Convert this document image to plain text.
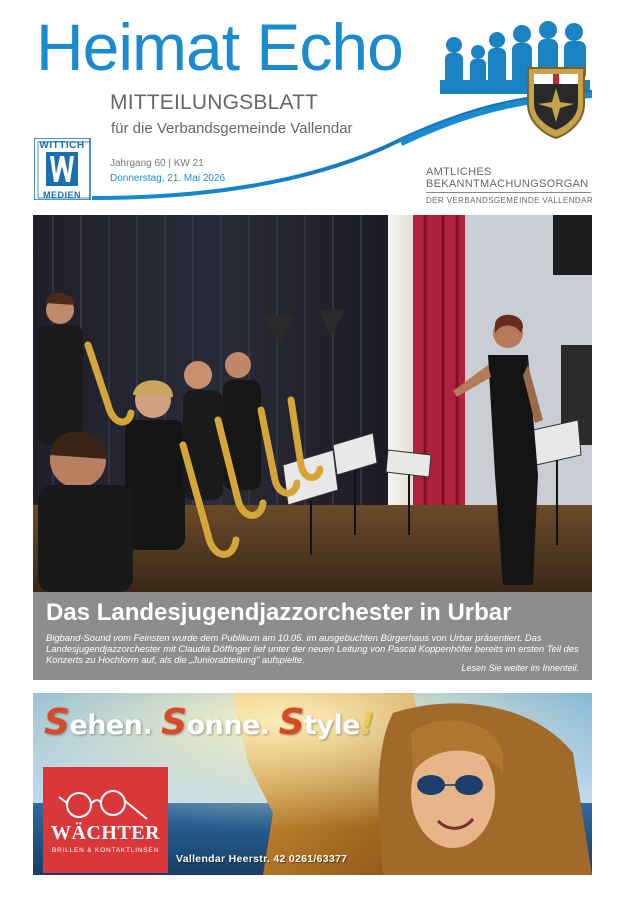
Heimat Echo
MITTEILUNGSBLATT
für die Verbandsgemeinde Vallendar
Jahrgang 60 | KW 21
Donnerstag, 21. Mai 2026
WITTICH
MEDIEN
AMTLICHES
BEKANNTMACHUNGSORGAN
DER VERBANDSGEMEINDE VALLENDAR
Das Landesjugendjazzorchester in Urbar
Bigband-Sound vom Feinsten wurde dem Publikum am 10.05. im ausgebuchten Bürgerhaus von Urbar präsentiert. Das Landesjugendjazzorchester mit Claudia Döffinger lief unter der neuen Leitung von Pascal Koppenhöfer bereits im ersten Teil des Konzerts zu Hochform auf, als die „Juniorabteilung" aufspielte.
Lesen Sie weiter im Innenteil.
Sehen. Sonne. Style!
WÄCHTER
BRILLEN & KONTAKTLINSEN
Vallendar Heerstr. 42 0261/63377
